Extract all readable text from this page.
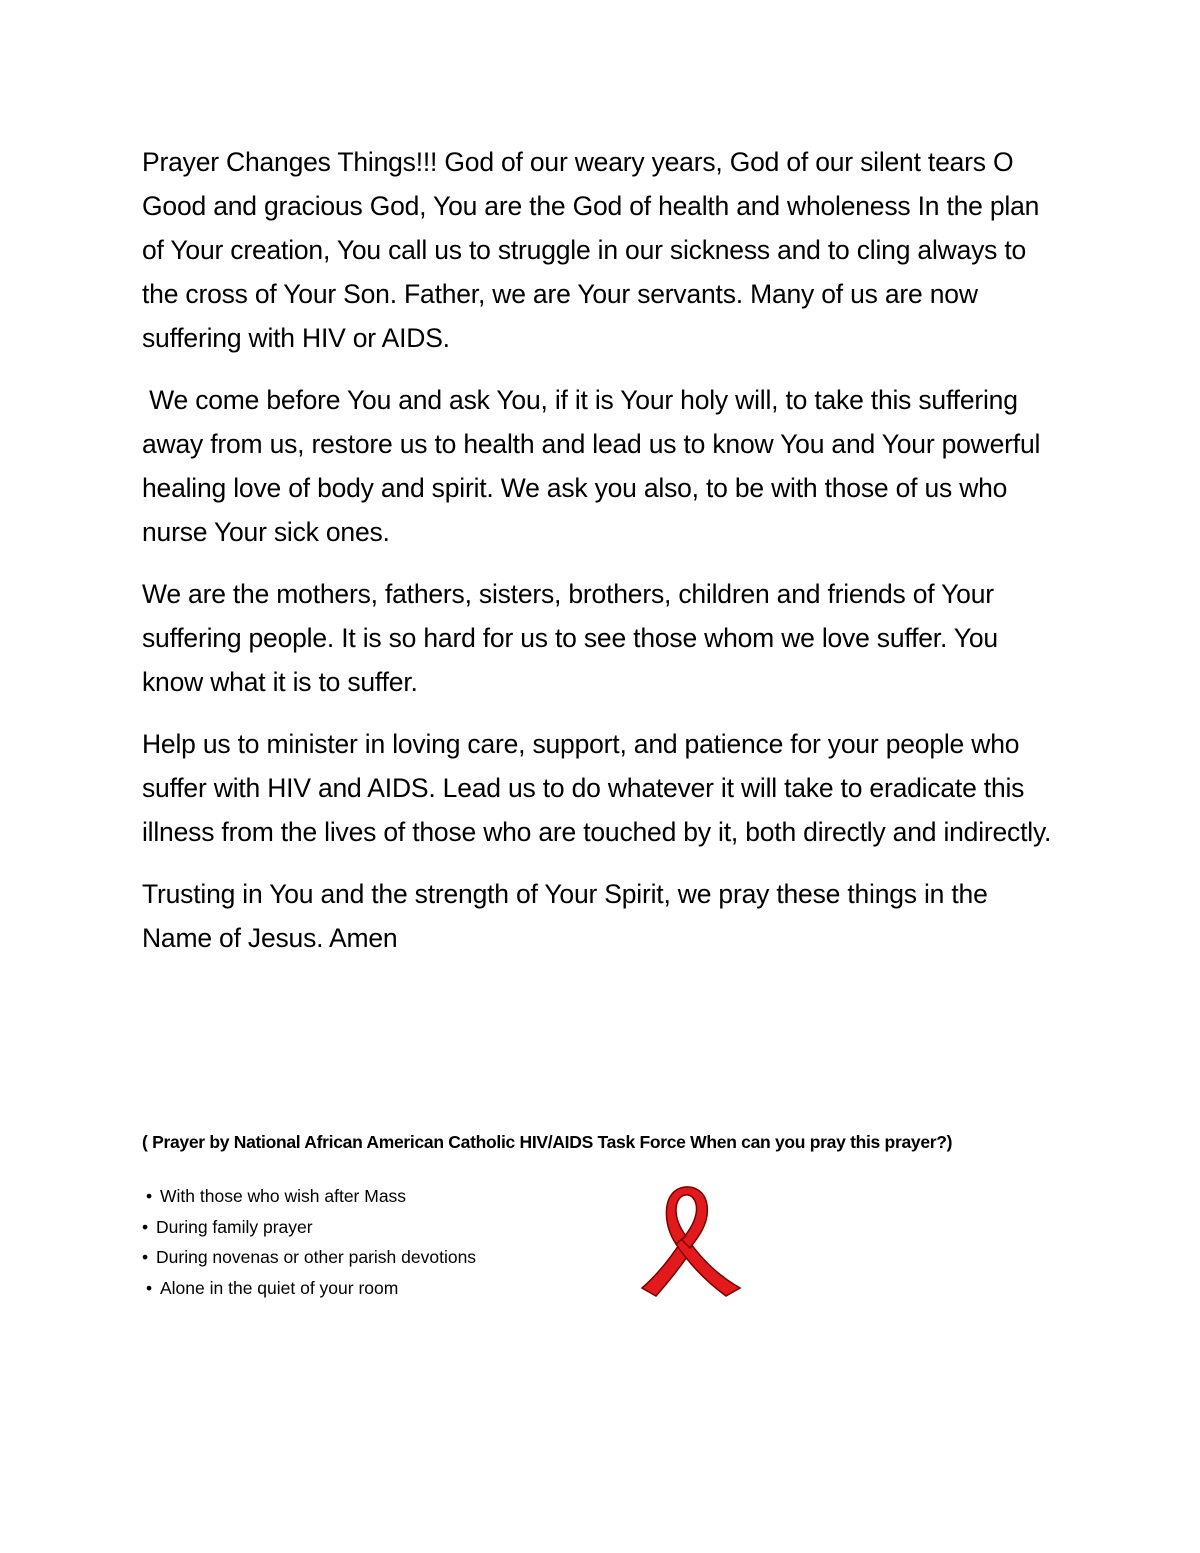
Prayer Changes Things!!! God of our weary years, God of our silent tears O Good and gracious God, You are the God of health and wholeness In the plan of Your creation, You call us to struggle in our sickness and to cling always to the cross of Your Son. Father, we are Your servants. Many of us are now suffering with HIV or AIDS.

We come before You and ask You, if it is Your holy will, to take this suffering away from us, restore us to health and lead us to know You and Your powerful healing love of body and spirit. We ask you also, to be with those of us who nurse Your sick ones.

We are the mothers, fathers, sisters, brothers, children and friends of Your suffering people. It is so hard for us to see those whom we love suffer. You know what it is to suffer.

Help us to minister in loving care, support, and patience for your people who suffer with HIV and AIDS. Lead us to do whatever it will take to eradicate this illness from the lives of those who are touched by it, both directly and indirectly.

Trusting in You and the strength of Your Spirit, we pray these things in the Name of Jesus. Amen

( Prayer by National African American Catholic HIV/AIDS Task Force When can you pray this prayer?)
• With those who wish after Mass
• During family prayer
• During novenas or other parish devotions
• Alone in the quiet of your room
